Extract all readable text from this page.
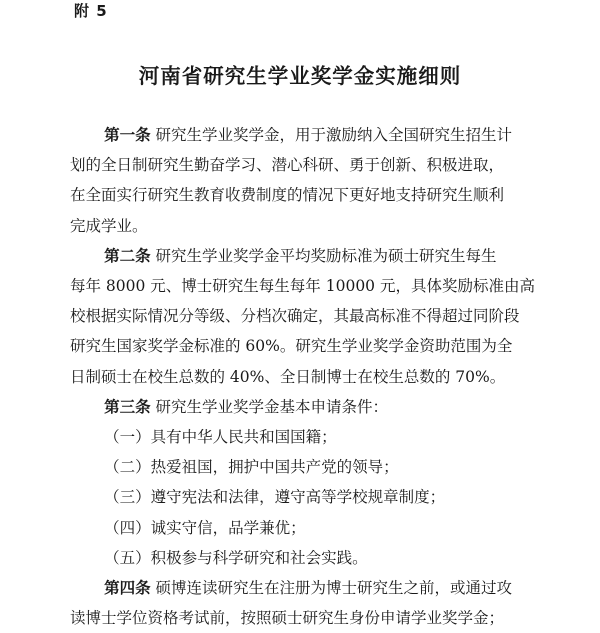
附 5
河南省研究生学业奖学金实施细则
第一条 研究生学业奖学金，用于激励纳入全国研究生招生计
划的全日制研究生勤奋学习、潜心科研、勇于创新、积极进取，
在全面实行研究生教育收费制度的情况下更好地支持研究生顺利
完成学业。
第二条 研究生学业奖学金平均奖励标准为硕士研究生每生
每年 8000 元、博士研究生每生每年 10000 元，具体奖励标准由高
校根据实际情况分等级、分档次确定，其最高标准不得超过同阶段
研究生国家奖学金标准的 60%。研究生学业奖学金资助范围为全
日制硕士在校生总数的 40%、全日制博士在校生总数的 70%。
第三条 研究生学业奖学金基本申请条件：
（一）具有中华人民共和国国籍；
（二）热爱祖国，拥护中国共产党的领导；
（三）遵守宪法和法律，遵守高等学校规章制度；
（四）诚实守信，品学兼优；
（五）积极参与科学研究和社会实践。
第四条 硕博连读研究生在注册为博士研究生之前，或通过攻
读博士学位资格考试前，按照硕士研究生身份申请学业奖学金；
